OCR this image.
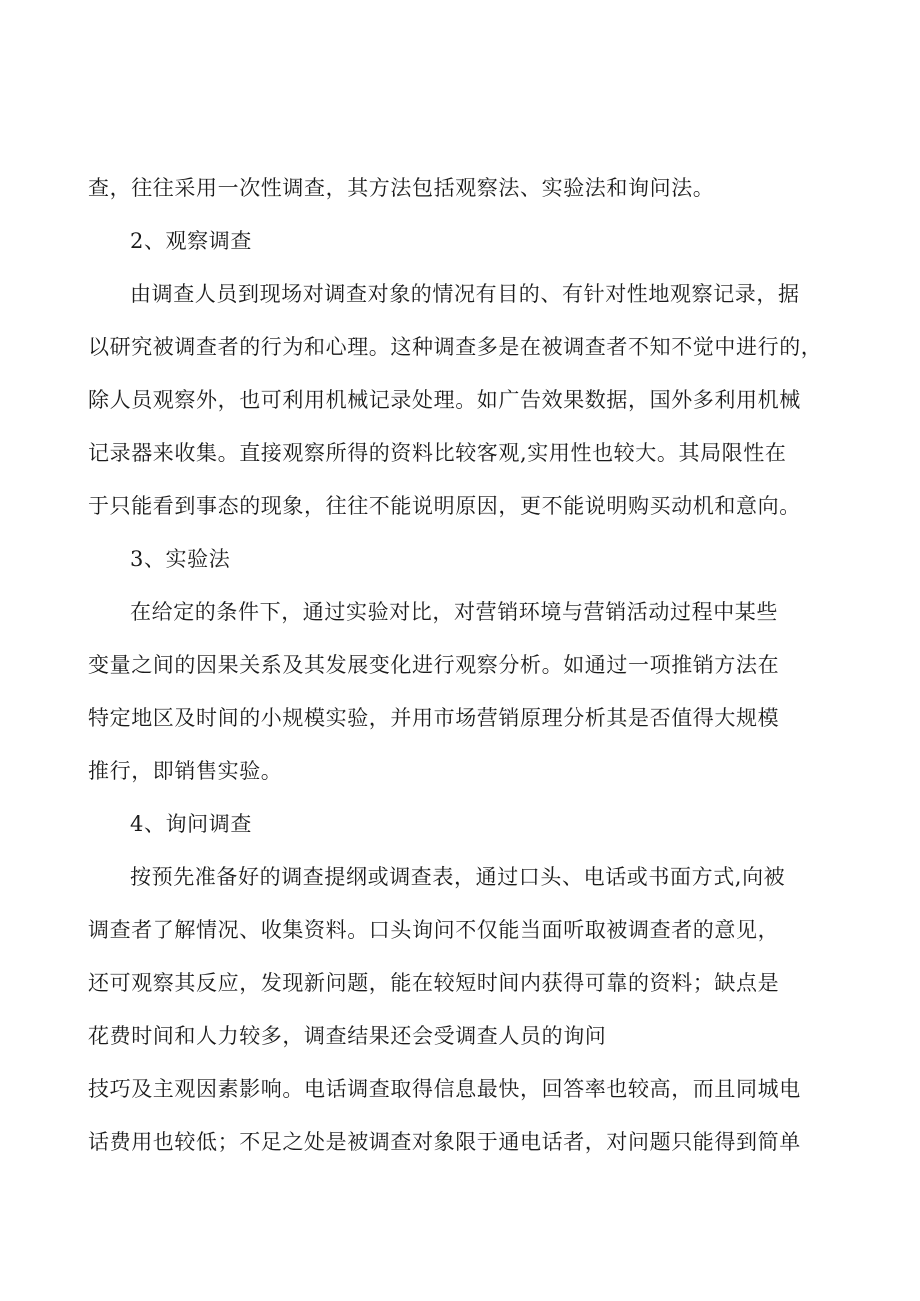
查，往往采用一次性调查，其方法包括观察法、实验法和询问法。
2、观察调查
由调查人员到现场对调查对象的情况有目的、有针对性地观察记录，据
以研究被调查者的行为和心理。这种调查多是在被调查者不知不觉中进行的，
除人员观察外，也可利用机械记录处理。如广告效果数据，国外多利用机械
记录器来收集。直接观察所得的资料比较客观,实用性也较大。其局限性在
于只能看到事态的现象，往往不能说明原因，更不能说明购买动机和意向。
3、实验法
在给定的条件下，通过实验对比，对营销环境与营销活动过程中某些
变量之间的因果关系及其发展变化进行观察分析。如通过一项推销方法在
特定地区及时间的小规模实验，并用市场营销原理分析其是否值得大规模
推行，即销售实验。
4、询问调查
按预先准备好的调查提纲或调查表，通过口头、电话或书面方式,向被
调查者了解情况、收集资料。口头询问不仅能当面听取被调查者的意见，
还可观察其反应，发现新问题，能在较短时间内获得可靠的资料；缺点是
花费时间和人力较多，调查结果还会受调查人员的询问
技巧及主观因素影响。电话调查取得信息最快，回答率也较高，而且同城电
话费用也较低；不足之处是被调查对象限于通电话者，对问题只能得到简单
